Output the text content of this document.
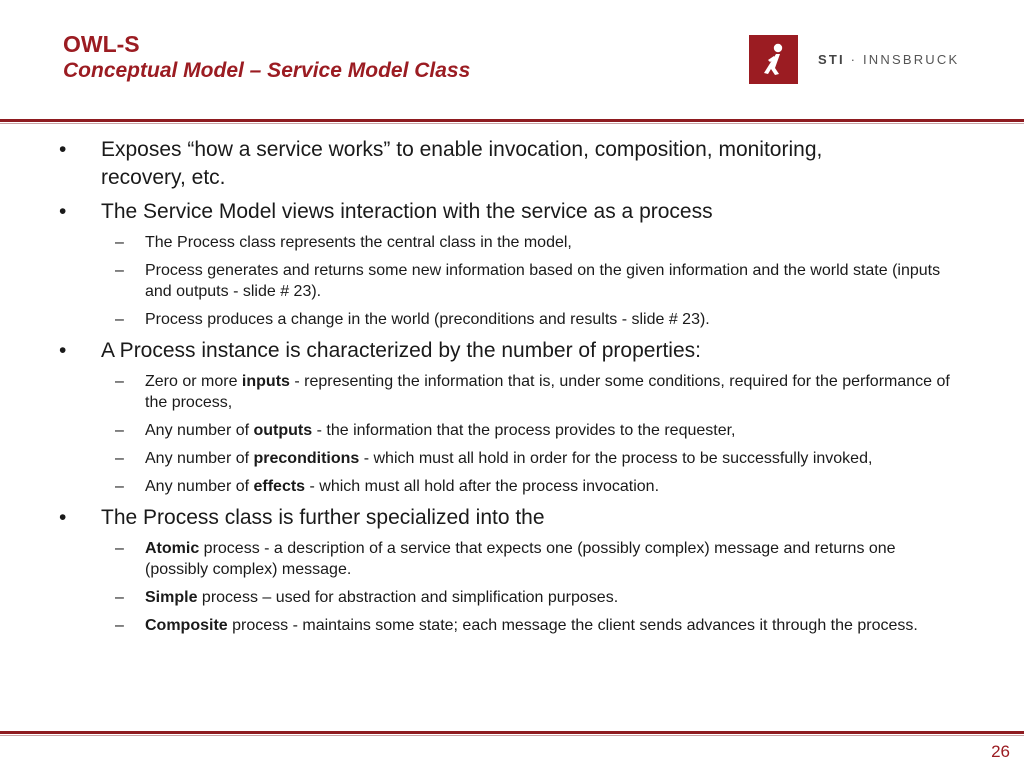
OWL-S
Conceptual Model – Service Model Class	STI · INNSBRUCK
• Exposes “how a service works” to enable invocation, composition, monitoring, recovery, etc.
• The Service Model views interaction with the service as a process
– The Process class represents the central class in the model,
– Process generates and returns some new information based on the given information and the world state (inputs and outputs - slide # 23).
– Process produces a change in the world (preconditions and results - slide # 23).
• A Process instance is characterized by the number of properties:
– Zero or more inputs - representing the information that is, under some conditions, required for the performance of the process,
– Any number of outputs - the information that the process provides to the requester,
– Any number of preconditions - which must all hold in order for the process to be successfully invoked,
– Any number of effects - which must all hold after the process invocation.
• The Process class is further specialized into the
– Atomic process - a description of a service that expects one (possibly complex) message and returns one (possibly complex) message.
– Simple process – used for abstraction and simplification purposes.
– Composite process - maintains some state; each message the client sends advances it through the process.
26
